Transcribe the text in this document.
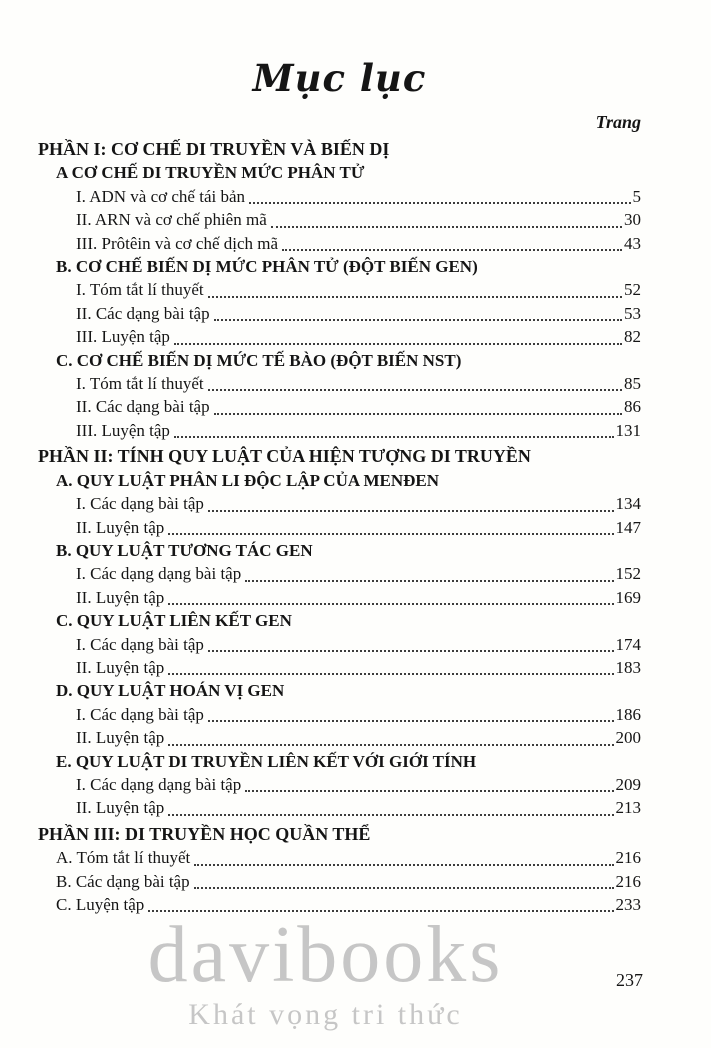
Mục lục
Trang
PHẦN I: CƠ CHẾ DI TRUYỀN VÀ BIẾN DỊ
A CƠ CHẾ DI TRUYỀN MỨC PHÂN TỬ
I. ADN và cơ chế tái bản	5
II. ARN và cơ chế phiên mã	30
III. Prôtêin và cơ chế dịch mã	43
B. CƠ CHẾ BIẾN DỊ MỨC PHÂN TỬ (ĐỘT BIẾN GEN)
I. Tóm tắt lí thuyết	52
II. Các dạng bài tập	53
III. Luyện tập	82
C. CƠ CHẾ BIẾN DỊ MỨC TẾ BÀO (ĐỘT BIẾN NST)
I. Tóm tắt lí thuyết	85
II. Các dạng bài tập	86
III. Luyện tập	131
PHẦN II: TÍNH QUY LUẬT CỦA HIỆN TƯỢNG DI TRUYỀN
A. QUY LUẬT PHÂN LI ĐỘC LẬP CỦA MENĐEN
I. Các dạng bài tập	134
II. Luyện tập	147
B. QUY LUẬT TƯƠNG TÁC GEN
I. Các dạng dạng bài tập	152
II. Luyện tập	169
C. QUY LUẬT LIÊN KẾT GEN
I. Các dạng bài tập	174
II. Luyện tập	183
D. QUY LUẬT HOÁN VỊ GEN
I. Các dạng bài tập	186
II. Luyện tập	200
E. QUY LUẬT DI TRUYỀN LIÊN KẾT VỚI GIỚI TÍNH
I. Các dạng dạng bài tập	209
II. Luyện tập	213
PHẦN III: DI TRUYỀN HỌC QUẦN THỂ
A. Tóm tắt lí thuyết	216
B. Các dạng bài tập	216
C. Luyện tập	233
davibooks
Khát vọng tri thức
237
